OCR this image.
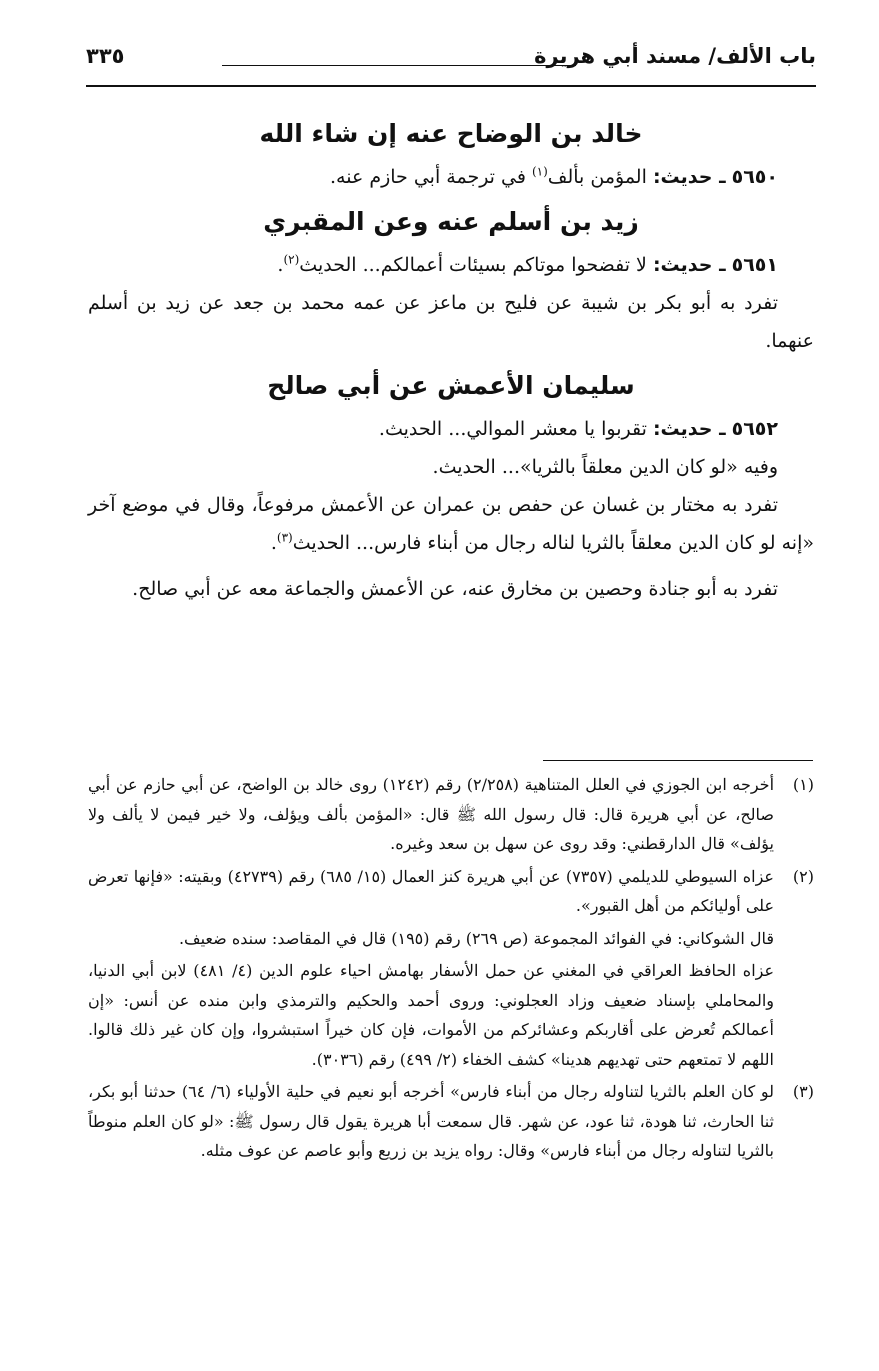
باب الألف/ مسند أبي هريرة
٣٣٥
خالد بن الوضاح عنه إن شاء الله

٥٦٥٠ ـ حديث: المؤمن بألف$^{(١)}$ في ترجمة أبي حازم عنه.

زيد بن أسلم عنه وعن المقبري

٥٦٥١ ـ حديث: لا تفضحوا موتاكم بسيئات أعمالكم... الحديث$^{(٢)}$.

تفرد به أبو بكر بن شيبة عن فليح بن ماعز عن عمه محمد بن جعد عن زيد بن أسلم عنهما.

سليمان الأعمش عن أبي صالح

٥٦٥٢ ـ حديث: تقربوا يا معشر الموالي... الحديث.

وفيه «لو كان الدين معلقاً بالثريا»... الحديث.

تفرد به مختار بن غسان عن حفص بن عمران عن الأعمش مرفوعاً، وقال في موضع آخر «إنه لو كان الدين معلقاً بالثريا لناله رجال من أبناء فارس... الحديث$^{(٣)}$.

تفرد به أبو جنادة وحصين بن مخارق عنه، عن الأعمش والجماعة معه عن أبي صالح.

(١)

أخرجه ابن الجوزي في العلل المتناهية (٢/٢٥٨) رقم (١٢٤٢) روى خالد بن الواضح، عن أبي حازم عن أبي صالح، عن أبي هريرة قال: قال رسول الله ﷺ قال: «المؤمن بألف ويؤلف، ولا خير فيمن لا يألف ولا يؤلف» قال الدارقطني: وقد روى عن سهل بن سعد وغيره.

(٢)

عزاه السيوطي للديلمي (٧٣٥٧) عن أبي هريرة كنز العمال (١٥/ ٦٨٥) رقم (٤٢٧٣٩) وبقيته: «فإنها تعرض على أوليائكم من أهل القبور».

قال الشوكاني: في الفوائد المجموعة (ص ٢٦٩) رقم (١٩٥) قال في المقاصد: سنده ضعيف.

عزاه الحافظ العراقي في المغني عن حمل الأسفار بهامش احياء علوم الدين (٤/ ٤٨١) لابن أبي الدنيا، والمحاملي بإسناد ضعيف وزاد العجلوني: وروى أحمد والحكيم والترمذي وابن منده عن أنس: «إن أعمالكم تُعرض على أقاربكم وعشائركم من الأموات، فإن كان خيراً استبشروا، وإن كان غير ذلك قالوا. اللهم لا تمتعهم حتى تهديهم هدينا» كشف الخفاء (٢/ ٤٩٩) رقم (٣٠٣٦).

(٣)

لو كان العلم بالثريا لتناوله رجال من أبناء فارس» أخرجه أبو نعيم في حلية الأولياء (٦/ ٦٤) حدثنا أبو بكر، ثنا الحارث، ثنا هودة، ثنا عود، عن شهر. قال سمعت أبا هريرة يقول قال رسول ﷺ: «لو كان العلم منوطاً بالثريا لتناوله رجال من أبناء فارس» وقال: رواه يزيد بن زريع وأبو عاصم عن عوف مثله.
